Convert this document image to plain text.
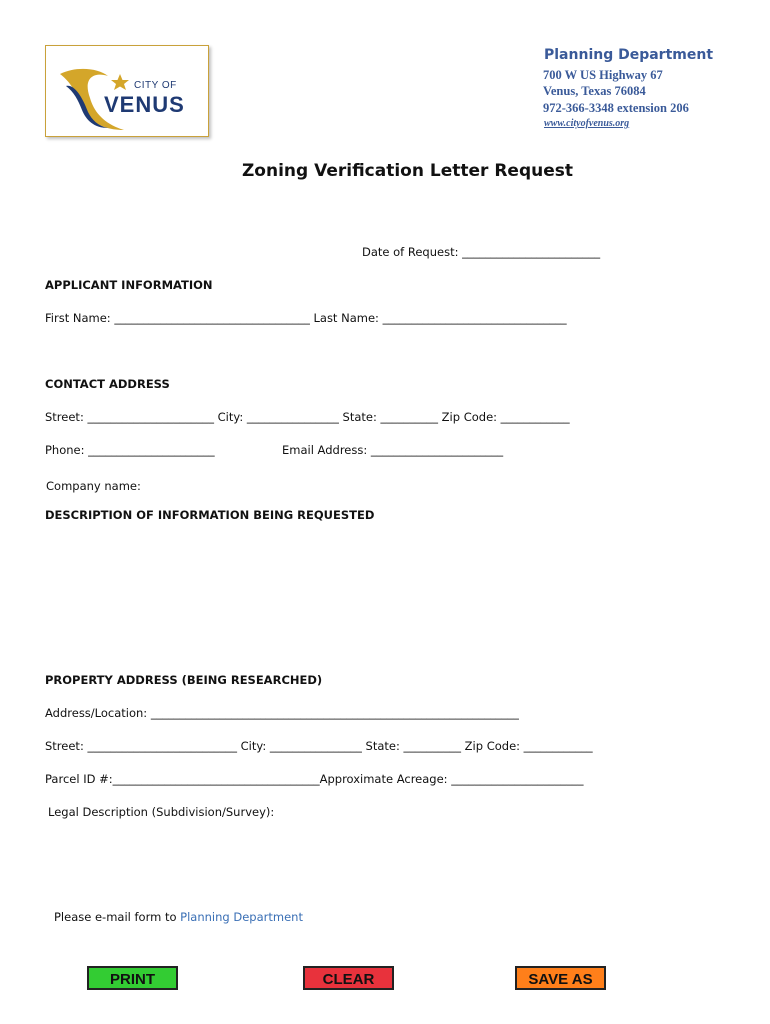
CITY OF
VENUS
Planning Department
700 W US Highway 67
Venus, Texas 76084
972-366-3348 extension 206
www.cityofvenus.org
Zoning Verification Letter Request
Date of Request: ________________________
APPLICANT INFORMATION
First Name: __________________________________ Last Name: ________________________________
CONTACT ADDRESS
Street: ______________________ City: ________________ State: __________ Zip Code: ____________
Phone: ______________________	Email Address: _______________________
Company name:
DESCRIPTION OF INFORMATION BEING REQUESTED
PROPERTY ADDRESS (BEING RESEARCHED)
Address/Location: ________________________________________________________________
Street: __________________________ City: ________________ State: __________ Zip Code: ____________
Parcel ID #:____________________________________Approximate Acreage: _______________________
Legal Description (Subdivision/Survey):
Please e-mail form to Planning Department
PRINT	CLEAR	SAVE AS
